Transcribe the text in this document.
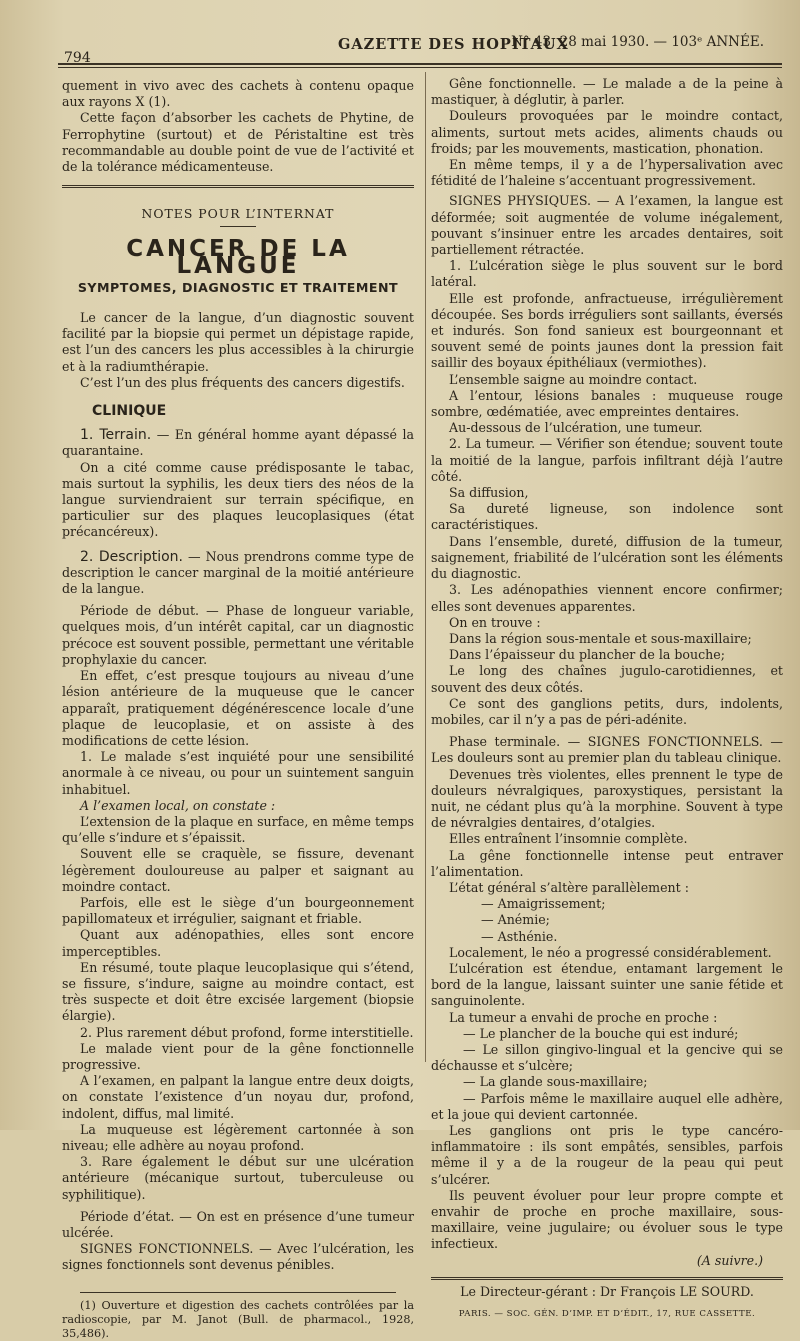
794
GAZETTE DES HOPITAUX
N° 43, 28 mai 1930. — 103ᵉ ANNÉE.

quement in vivo avec des cachets à contenu opaque aux rayons X (1).

Cette façon d’absorber les cachets de Phytine, de Ferrophytine (surtout) et de Péristaltine est très recommandable au double point de vue de l’activité et de la tolérance médicamenteuse.

NOTES POUR L’INTERNAT
CANCER DE LA LANGUE
SYMPTOMES, DIAGNOSTIC ET TRAITEMENT

Le cancer de la langue, d’un diagnostic souvent facilité par la biopsie qui permet un dépistage rapide, est l’un des cancers les plus accessibles à la chirurgie et à la radiumthérapie.

C’est l’un des plus fréquents des cancers digestifs.

CLINIQUE

1. Terrain. — En général homme ayant dépassé la quarantaine.

On a cité comme cause prédisposante le tabac, mais surtout la syphilis, les deux tiers des néos de la langue surviendraient sur terrain spécifique, en particulier sur des plaques leucoplasiques (état précancéreux).

2. Description. — Nous prendrons comme type de description le cancer marginal de la moitié antérieure de la langue.

Période de début. — Phase de longueur variable, quelques mois, d’un intérêt capital, car un diagnostic précoce est souvent possible, permettant une véritable prophylaxie du cancer.

En effet, c’est presque toujours au niveau d’une lésion antérieure de la muqueuse que le cancer apparaît, pratiquement dégénérescence locale d’une plaque de leucoplasie, et on assiste à des modifications de cette lésion.

1. Le malade s’est inquiété pour une sensibilité anormale à ce niveau, ou pour un suintement sanguin inhabituel.

A l’examen local, on constate :

L’extension de la plaque en surface, en même temps qu’elle s’indure et s’épaissit.

Souvent elle se craquèle, se fissure, devenant légèrement douloureuse au palper et saignant au moindre contact.

Parfois, elle est le siège d’un bourgeonnement papillomateux et irrégulier, saignant et friable.

Quant aux adénopathies, elles sont encore imperceptibles.

En résumé, toute plaque leucoplasique qui s’étend, se fissure, s’indure, saigne au moindre contact, est très suspecte et doit être excisée largement (biopsie élargie).

2. Plus rarement début profond, forme interstitielle.

Le malade vient pour de la gêne fonctionnelle progressive.

A l’examen, en palpant la langue entre deux doigts, on constate l’existence d’un noyau dur, profond, indolent, diffus, mal limité.

La muqueuse est légèrement cartonnée à son niveau; elle adhère au noyau profond.

3. Rare également le début sur une ulcération antérieure (mécanique surtout, tuberculeuse ou syphilitique).

Période d’état. — On est en présence d’une tumeur ulcérée.

SIGNES FONCTIONNELS. — Avec l’ulcération, les signes fonctionnels sont devenus pénibles.

(1) Ouverture et digestion des cachets contrôlées par la radioscopie, par M. Janot (Bull. de pharmacol., 1928, 35,486).

Gêne fonctionnelle. — Le malade a de la peine à mastiquer, à déglutir, à parler.

Douleurs provoquées par le moindre contact, aliments, surtout mets acides, aliments chauds ou froids; par les mouvements, mastication, phonation.

En même temps, il y a de l’hypersalivation avec fétidité de l’haleine s’accentuant progressivement.

SIGNES PHYSIQUES. — A l’examen, la langue est déformée; soit augmentée de volume inégalement, pouvant s’insinuer entre les arcades dentaires, soit partiellement rétractée.

1. L’ulcération siège le plus souvent sur le bord latéral.

Elle est profonde, anfractueuse, irrégulièrement découpée. Ses bords irréguliers sont saillants, éversés et indurés. Son fond sanieux est bourgeonnant et souvent semé de points jaunes dont la pression fait saillir des boyaux épithéliaux (vermiothes).

L’ensemble saigne au moindre contact.

A l’entour, lésions banales : muqueuse rouge sombre, œdématiée, avec empreintes dentaires.

Au-dessous de l’ulcération, une tumeur.

2. La tumeur. — Vérifier son étendue; souvent toute la moitié de la langue, parfois infiltrant déjà l’autre côté.

Sa diffusion,

Sa dureté ligneuse, son indolence sont caractéristiques.

Dans l’ensemble, dureté, diffusion de la tumeur, saignement, friabilité de l’ulcération sont les éléments du diagnostic.

3. Les adénopathies viennent encore confirmer; elles sont devenues apparentes.

On en trouve :

Dans la région sous-mentale et sous-maxillaire;

Dans l’épaisseur du plancher de la bouche;

Le long des chaînes jugulo-carotidiennes, et souvent des deux côtés.

Ce sont des ganglions petits, durs, indolents, mobiles, car il n’y a pas de péri-adénite.

Phase terminale. — SIGNES FONCTIONNELS. — Les douleurs sont au premier plan du tableau clinique.

Devenues très violentes, elles prennent le type de douleurs névralgiques, paroxystiques, persistant la nuit, ne cédant plus qu’à la morphine. Souvent à type de névralgies dentaires, d’otalgies.

Elles entraînent l’insomnie complète.

La gêne fonctionnelle intense peut entraver l’alimentation.

L’état général s’altère parallèlement :

— Amaigrissement;

— Anémie;

— Asthénie.

Localement, le néo a progressé considérablement.

L’ulcération est étendue, entamant largement le bord de la langue, laissant suinter une sanie fétide et sanguinolente.

La tumeur a envahi de proche en proche :

— Le plancher de la bouche qui est induré;

— Le sillon gingivo-lingual et la gencive qui se déchausse et s’ulcère;

— La glande sous-maxillaire;

— Parfois même le maxillaire auquel elle adhère, et la joue qui devient cartonnée.

Les ganglions ont pris le type cancéro-inflammatoire : ils sont empâtés, sensibles, parfois même il y a de la rougeur de la peau qui peut s’ulcérer.

Ils peuvent évoluer pour leur propre compte et envahir de proche en proche maxillaire, sous-maxillaire, veine jugulaire; ou évoluer sous le type infectieux.

(A suivre.)

Le Directeur-gérant : Dr François LE SOURD.
PARIS. — SOC. GÉN. D’IMP. ET D’ÉDIT., 17, RUE CASSETTE.
